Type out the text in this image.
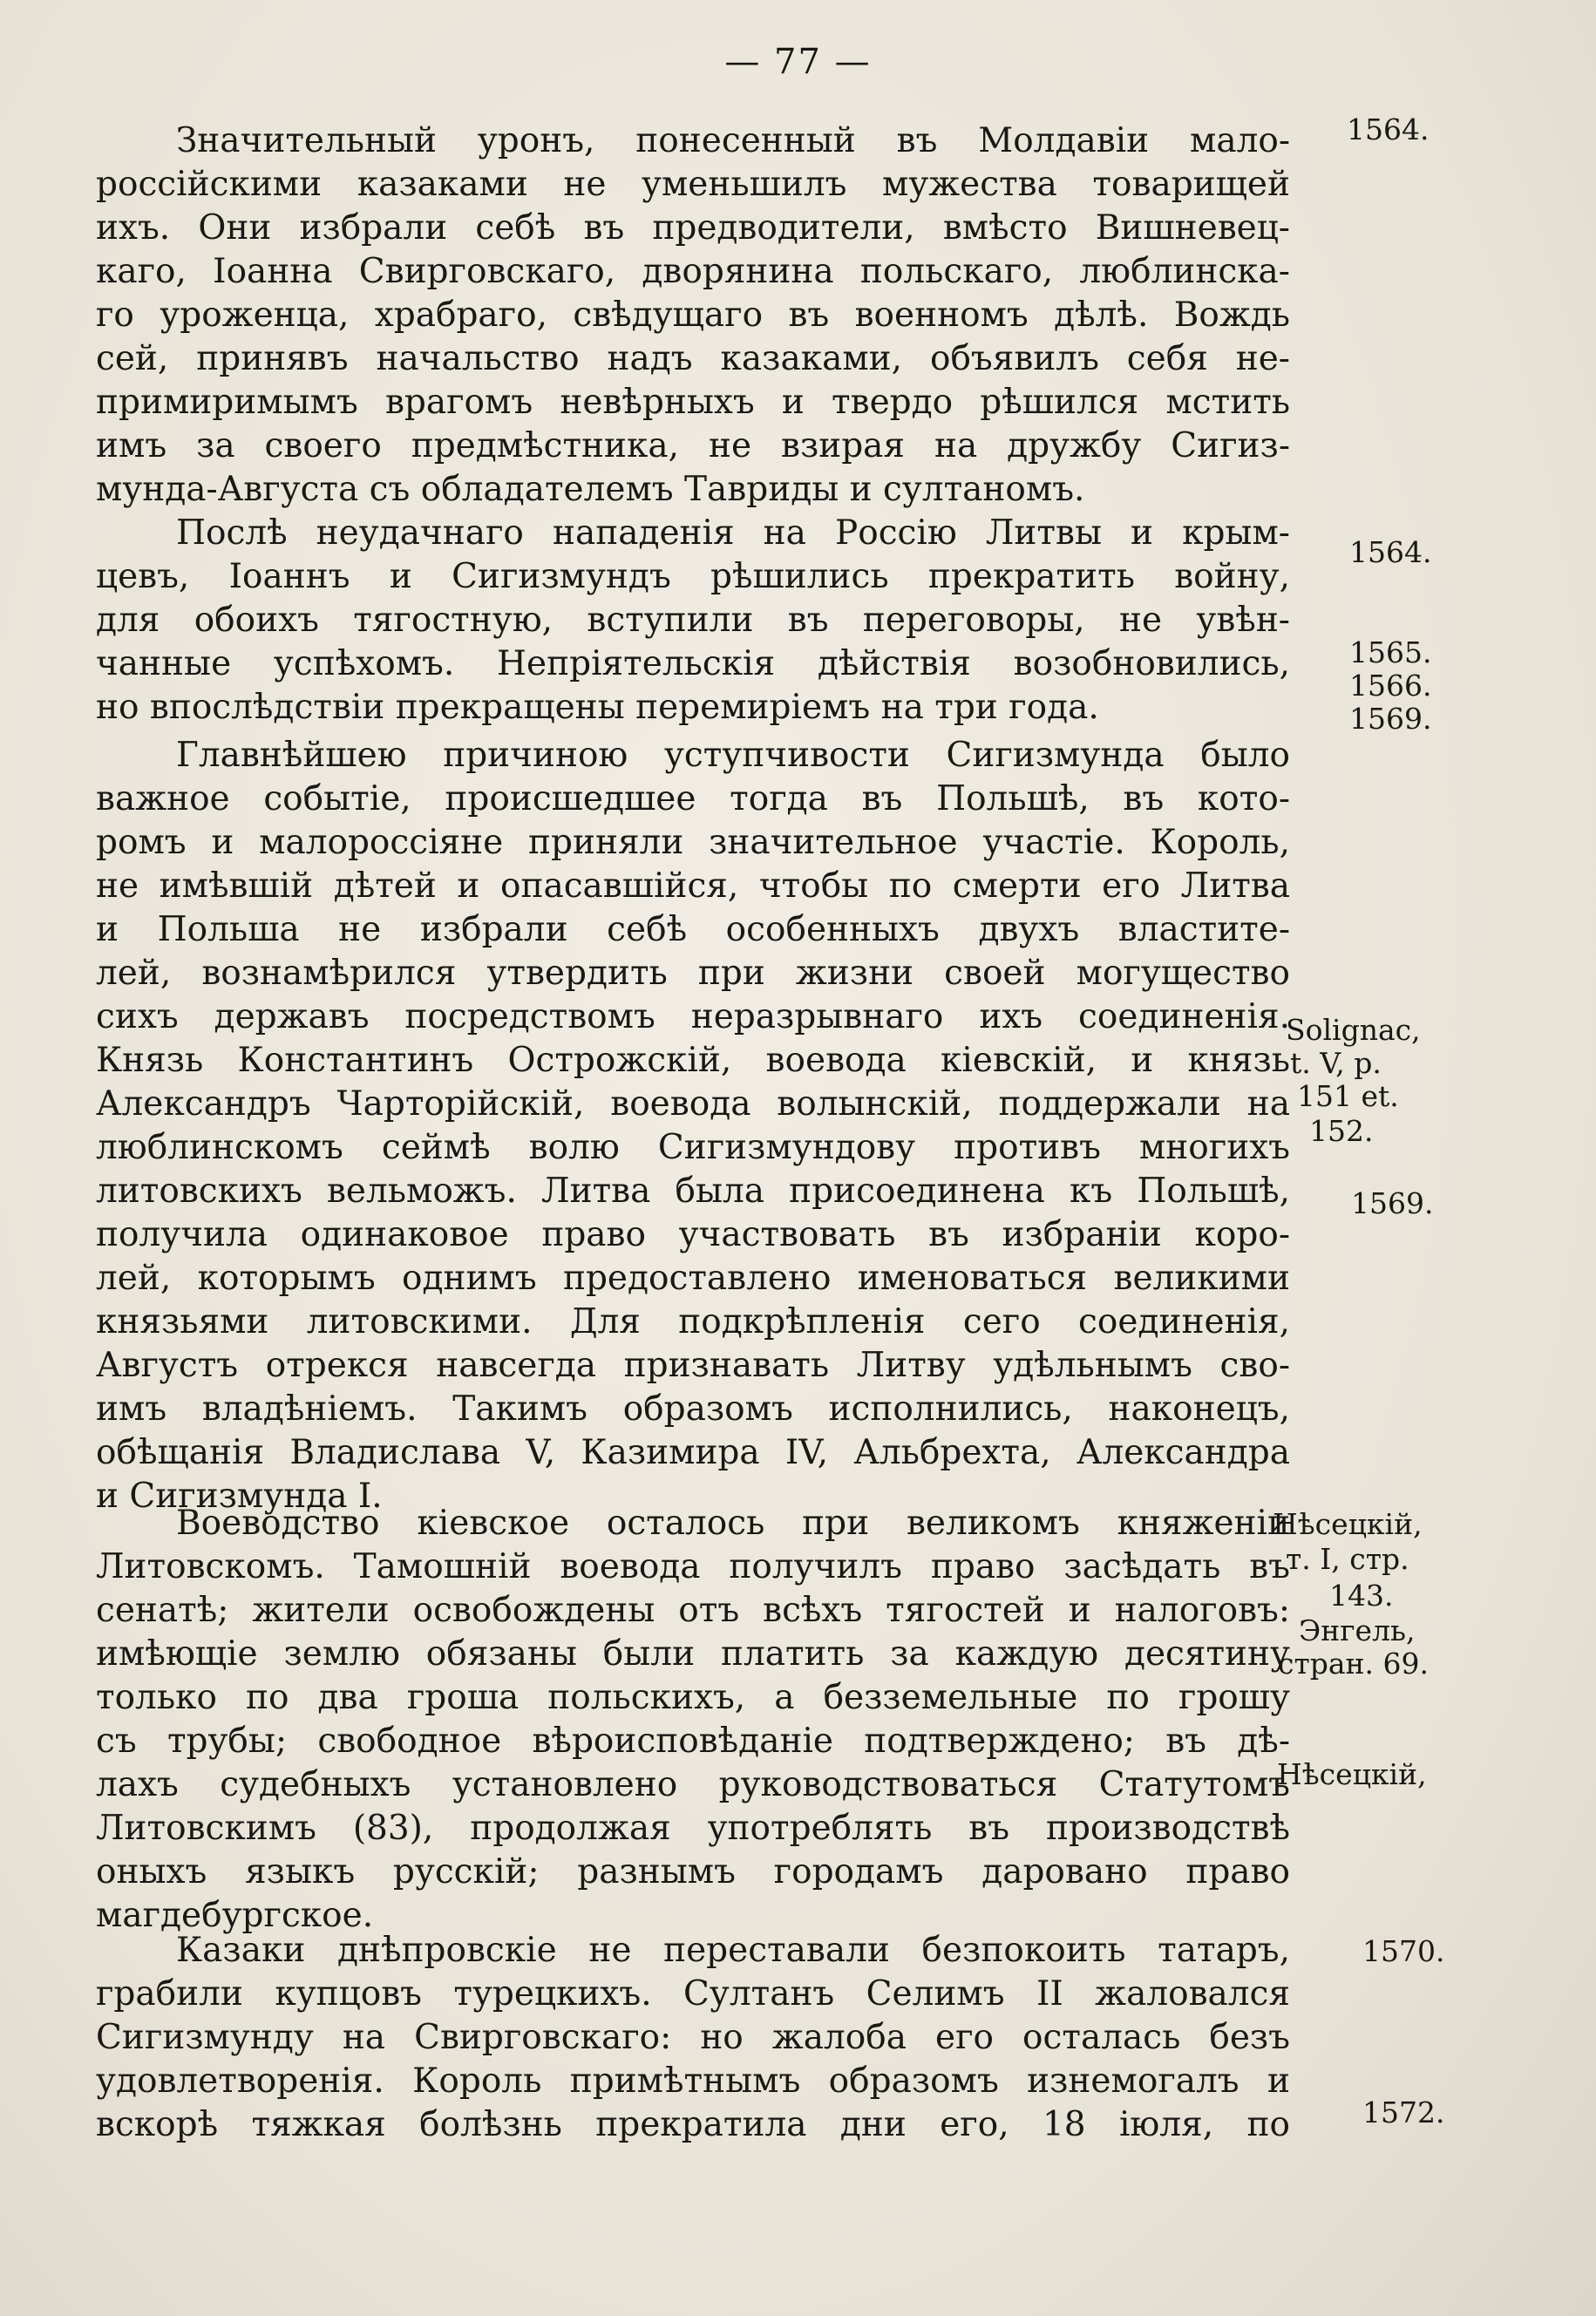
— 77 —
Значительный уронъ, понесенный въ Молдавіи мало-
россійскими казаками не уменьшилъ мужества товарищей
ихъ. Они избрали себѣ въ предводители, вмѣсто Вишневец-
каго, Іоанна Свирговскаго, дворянина польскаго, люблинска-
го уроженца, храбраго, свѣдущаго въ военномъ дѣлѣ. Вождь
сей, принявъ начальство надъ казаками, объявилъ себя не-
примиримымъ врагомъ невѣрныхъ и твердо рѣшился мстить
имъ за своего предмѣстника, не взирая на дружбу Сигиз-
мунда-Августа съ обладателемъ Тавриды и султаномъ.
Послѣ неудачнаго нападенія на Россію Литвы и крым-
цевъ, Іоаннъ и Сигизмундъ рѣшились прекратить войну,
для обоихъ тягостную, вступили въ переговоры, не увѣн-
чанные успѣхомъ. Непріятельскія дѣйствія возобновились,
но впослѣдствіи прекращены перемиріемъ на три года.
Главнѣйшею причиною уступчивости Сигизмунда было
важное событіе, происшедшее тогда въ Польшѣ, въ кото-
ромъ и малороссіяне приняли значительное участіе. Король,
не имѣвшій дѣтей и опасавшійся, чтобы по смерти его Литва
и Польша не избрали себѣ особенныхъ двухъ властите-
лей, вознамѣрился утвердить при жизни своей могущество
сихъ державъ посредствомъ неразрывнаго ихъ соединенія.
Князь Константинъ Острожскій, воевода кіевскій, и князь
Александръ Чарторійскій, воевода волынскій, поддержали на
люблинскомъ сеймѣ волю Сигизмундову противъ многихъ
литовскихъ вельможъ. Литва была присоединена къ Польшѣ,
получила одинаковое право участвовать въ избраніи коро-
лей, которымъ однимъ предоставлено именоваться великими
князьями литовскими. Для подкрѣпленія сего соединенія,
Августъ отрекся навсегда признавать Литву удѣльнымъ сво-
имъ владѣніемъ. Такимъ образомъ исполнились, наконецъ,
обѣщанія Владислава V, Казимира IV, Альбрехта, Александра
и Сигизмунда I.
Воеводство кіевское осталось при великомъ княженіи
Литовскомъ. Тамошній воевода получилъ право засѣдать въ
сенатѣ; жители освобождены отъ всѣхъ тягостей и налоговъ:
имѣющіе землю обязаны были платить за каждую десятину
только по два гроша польскихъ, а безземельные по грошу
съ трубы; свободное вѣроисповѣданіе подтверждено; въ дѣ-
лахъ судебныхъ установлено руководствоваться Статутомъ
Литовскимъ (83), продолжая употреблять въ производствѣ
оныхъ языкъ русскій; разнымъ городамъ даровано право
магдебургское.
Казаки днѣпровскіе не переставали безпокоить татаръ,
грабили купцовъ турецкихъ. Султанъ Селимъ II жаловался
Сигизмунду на Свирговскаго: но жалоба его осталась безъ
удовлетворенія. Король примѣтнымъ образомъ изнемогалъ и
вскорѣ тяжкая болѣзнь прекратила дни его, 18 іюля, по
1564.
1564.
1565.
1566.
1569.
Solignac,
t. V, p.
151 et.
152.
1569.
Нѣсецкій,
т. I, стр.
143.
Энгель,
стран. 69.
Нѣсецкій,
1570.
1572.
